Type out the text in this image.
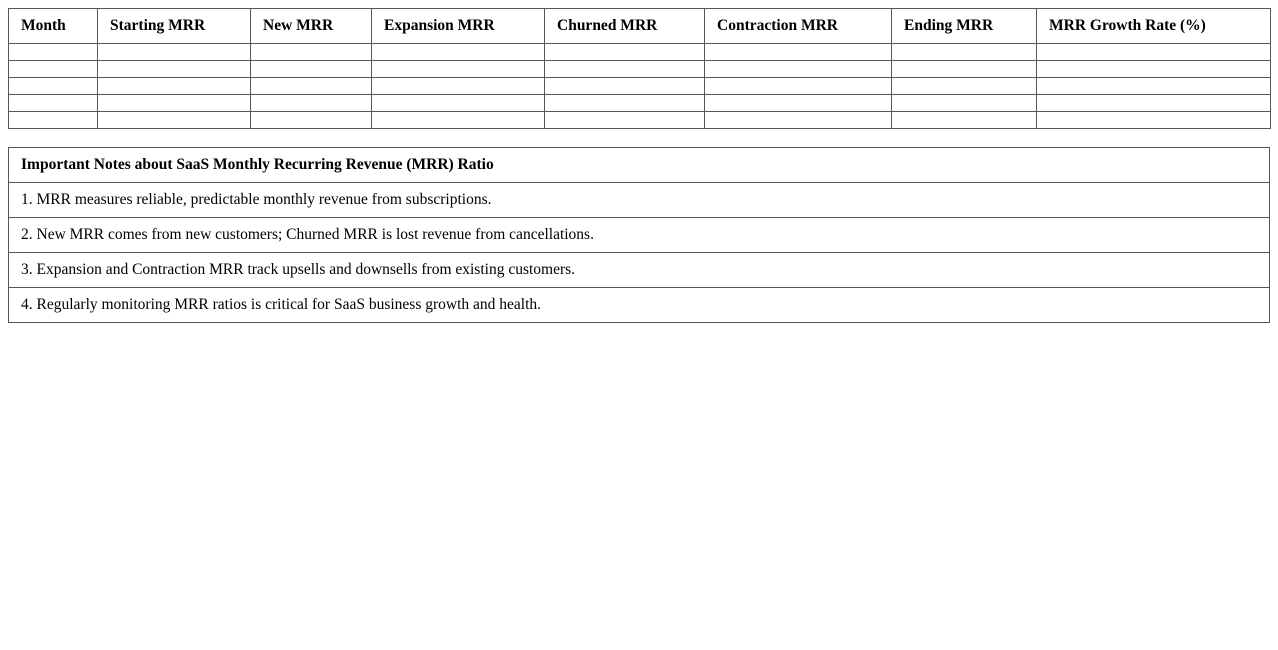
Month	Starting MRR	New MRR	Expansion MRR	Churned MRR	Contraction MRR	Ending MRR	MRR Growth Rate (%)

Important Notes about SaaS Monthly Recurring Revenue (MRR) Ratio
1. MRR measures reliable, predictable monthly revenue from subscriptions.
2. New MRR comes from new customers; Churned MRR is lost revenue from cancellations.
3. Expansion and Contraction MRR track upsells and downsells from existing customers.
4. Regularly monitoring MRR ratios is critical for SaaS business growth and health.
